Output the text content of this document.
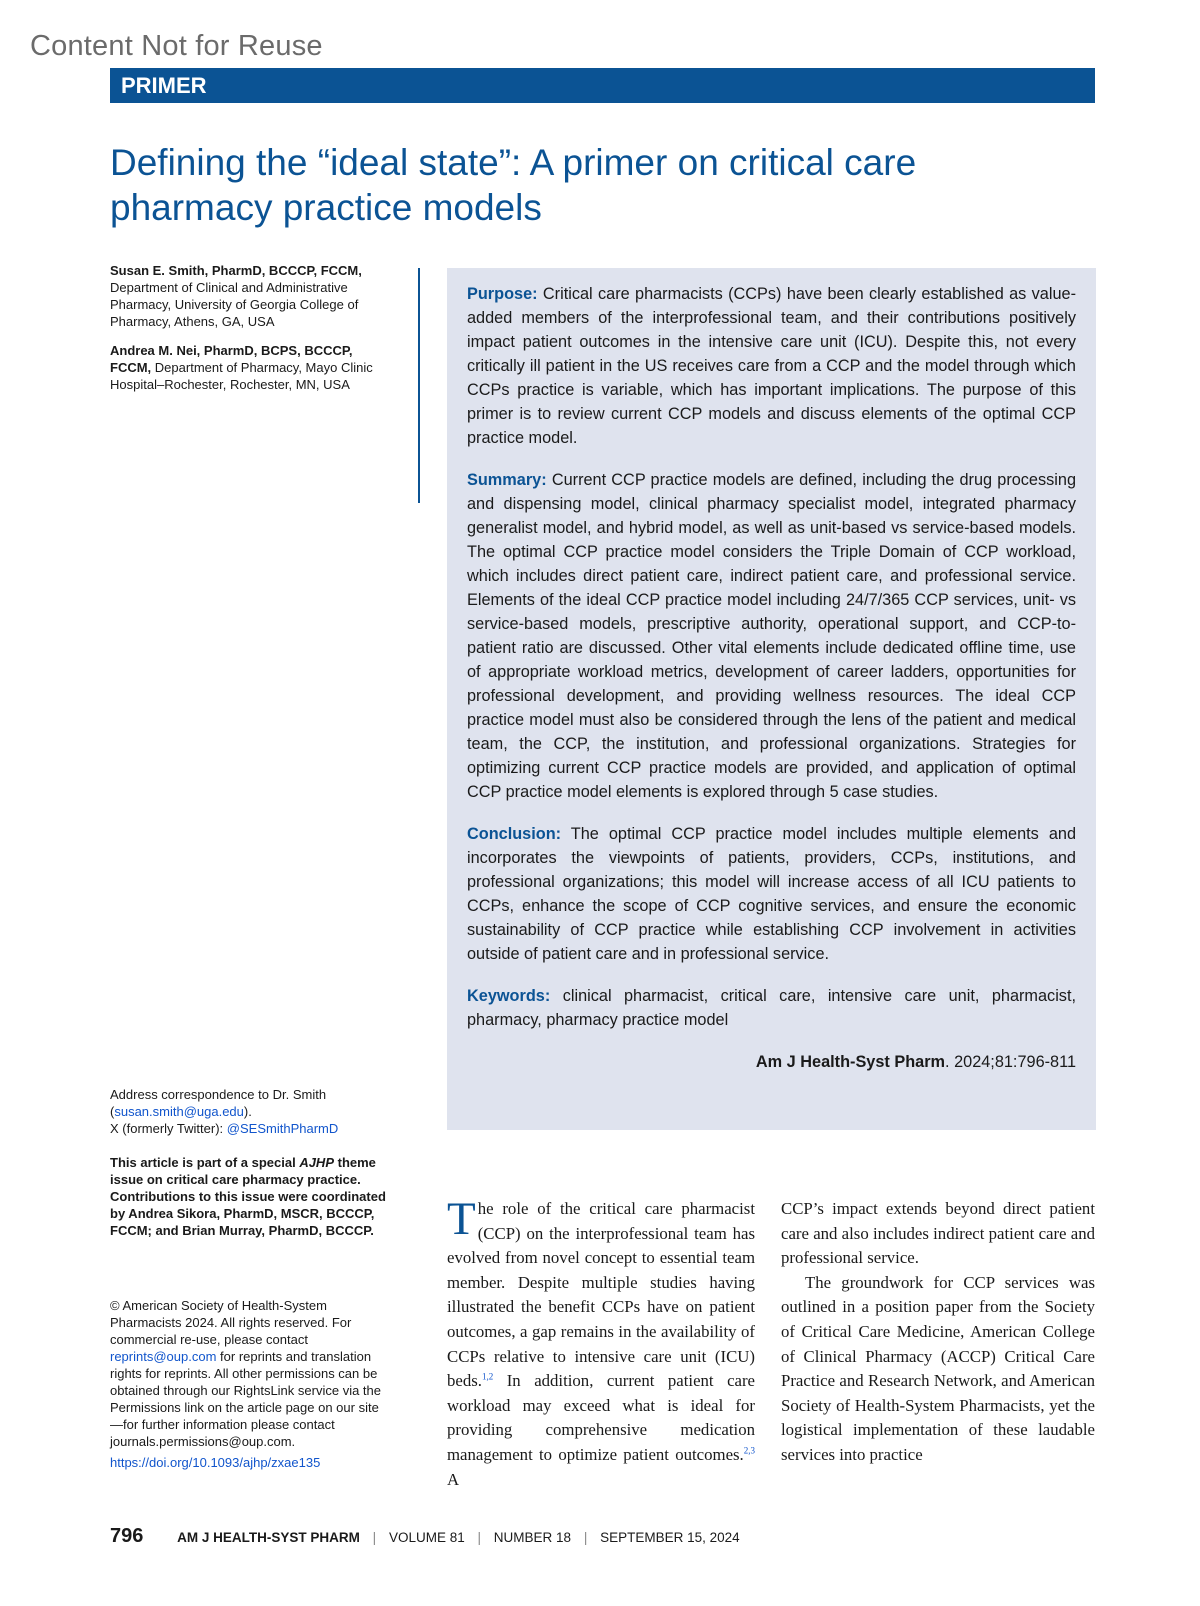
Content Not for Reuse
PRIMER
Defining the “ideal state”: A primer on critical care pharmacy practice models
Susan E. Smith, PharmD, BCCCP, FCCM, Department of Clinical and Administrative Pharmacy, University of Georgia College of Pharmacy, Athens, GA, USA
Andrea M. Nei, PharmD, BCPS, BCCCP, FCCM, Department of Pharmacy, Mayo Clinic Hospital–Rochester, Rochester, MN, USA
Address correspondence to Dr. Smith
(susan.smith@uga.edu).
X (formerly Twitter): @SESmithPharmD
This article is part of a special AJHP theme issue on critical care pharmacy practice. Contributions to this issue were coordinated by Andrea Sikora, PharmD, MSCR, BCCCP, FCCM; and Brian Murray, PharmD, BCCCP.
© American Society of Health-System Pharmacists 2024. All rights reserved. For commercial re-use, please contact reprints@oup.com for reprints and translation rights for reprints. All other permissions can be obtained through our RightsLink service via the Permissions link on the article page on our site—for further information please contact journals.permissions@oup.com.
https://doi.org/10.1093/ajhp/zxae135

Purpose: Critical care pharmacists (CCPs) have been clearly established as value-added members of the interprofessional team, and their contributions positively impact patient outcomes in the intensive care unit (ICU). Despite this, not every critically ill patient in the US receives care from a CCP and the model through which CCPs practice is variable, which has important implications. The purpose of this primer is to review current CCP models and discuss elements of the optimal CCP practice model.

Summary: Current CCP practice models are defined, including the drug processing and dispensing model, clinical pharmacy specialist model, integrated pharmacy generalist model, and hybrid model, as well as unit-based vs service-based models. The optimal CCP practice model considers the Triple Domain of CCP workload, which includes direct patient care, indirect patient care, and professional service. Elements of the ideal CCP practice model including 24/7/365 CCP services, unit- vs service-based models, prescriptive authority, operational support, and CCP-to-patient ratio are discussed. Other vital elements include dedicated offline time, use of appropriate workload metrics, development of career ladders, opportunities for professional development, and providing wellness resources. The ideal CCP practice model must also be considered through the lens of the patient and medical team, the CCP, the institution, and professional organizations. Strategies for optimizing current CCP practice models are provided, and application of optimal CCP practice model elements is explored through 5 case studies.

Conclusion: The optimal CCP practice model includes multiple elements and incorporates the viewpoints of patients, providers, CCPs, institutions, and professional organizations; this model will increase access of all ICU patients to CCPs, enhance the scope of CCP cognitive services, and ensure the economic sustainability of CCP practice while establishing CCP involvement in activities outside of patient care and in professional service.

Keywords: clinical pharmacist, critical care, intensive care unit, pharmacist, pharmacy, pharmacy practice model

Am J Health-Syst Pharm. 2024;81:796-811

The role of the critical care pharmacist (CCP) on the interprofessional team has evolved from novel concept to essential team member. Despite multiple studies having illustrated the benefit CCPs have on patient outcomes, a gap remains in the availability of CCPs relative to intensive care unit (ICU) beds.$^{1,2}$ In addition, current patient care workload may exceed what is ideal for providing comprehensive medication management to optimize patient outcomes.$^{2,3}$ A

CCP’s impact extends beyond direct patient care and also includes indirect patient care and professional service.

The groundwork for CCP services was outlined in a position paper from the Society of Critical Care Medicine, American College of Clinical Pharmacy (ACCP) Critical Care Practice and Research Network, and American Society of Health-System Pharmacists, yet the logistical implementation of these laudable services into practice

796	AM J HEALTH-SYST PHARM | VOLUME 81 | NUMBER 18 | SEPTEMBER 15, 2024
